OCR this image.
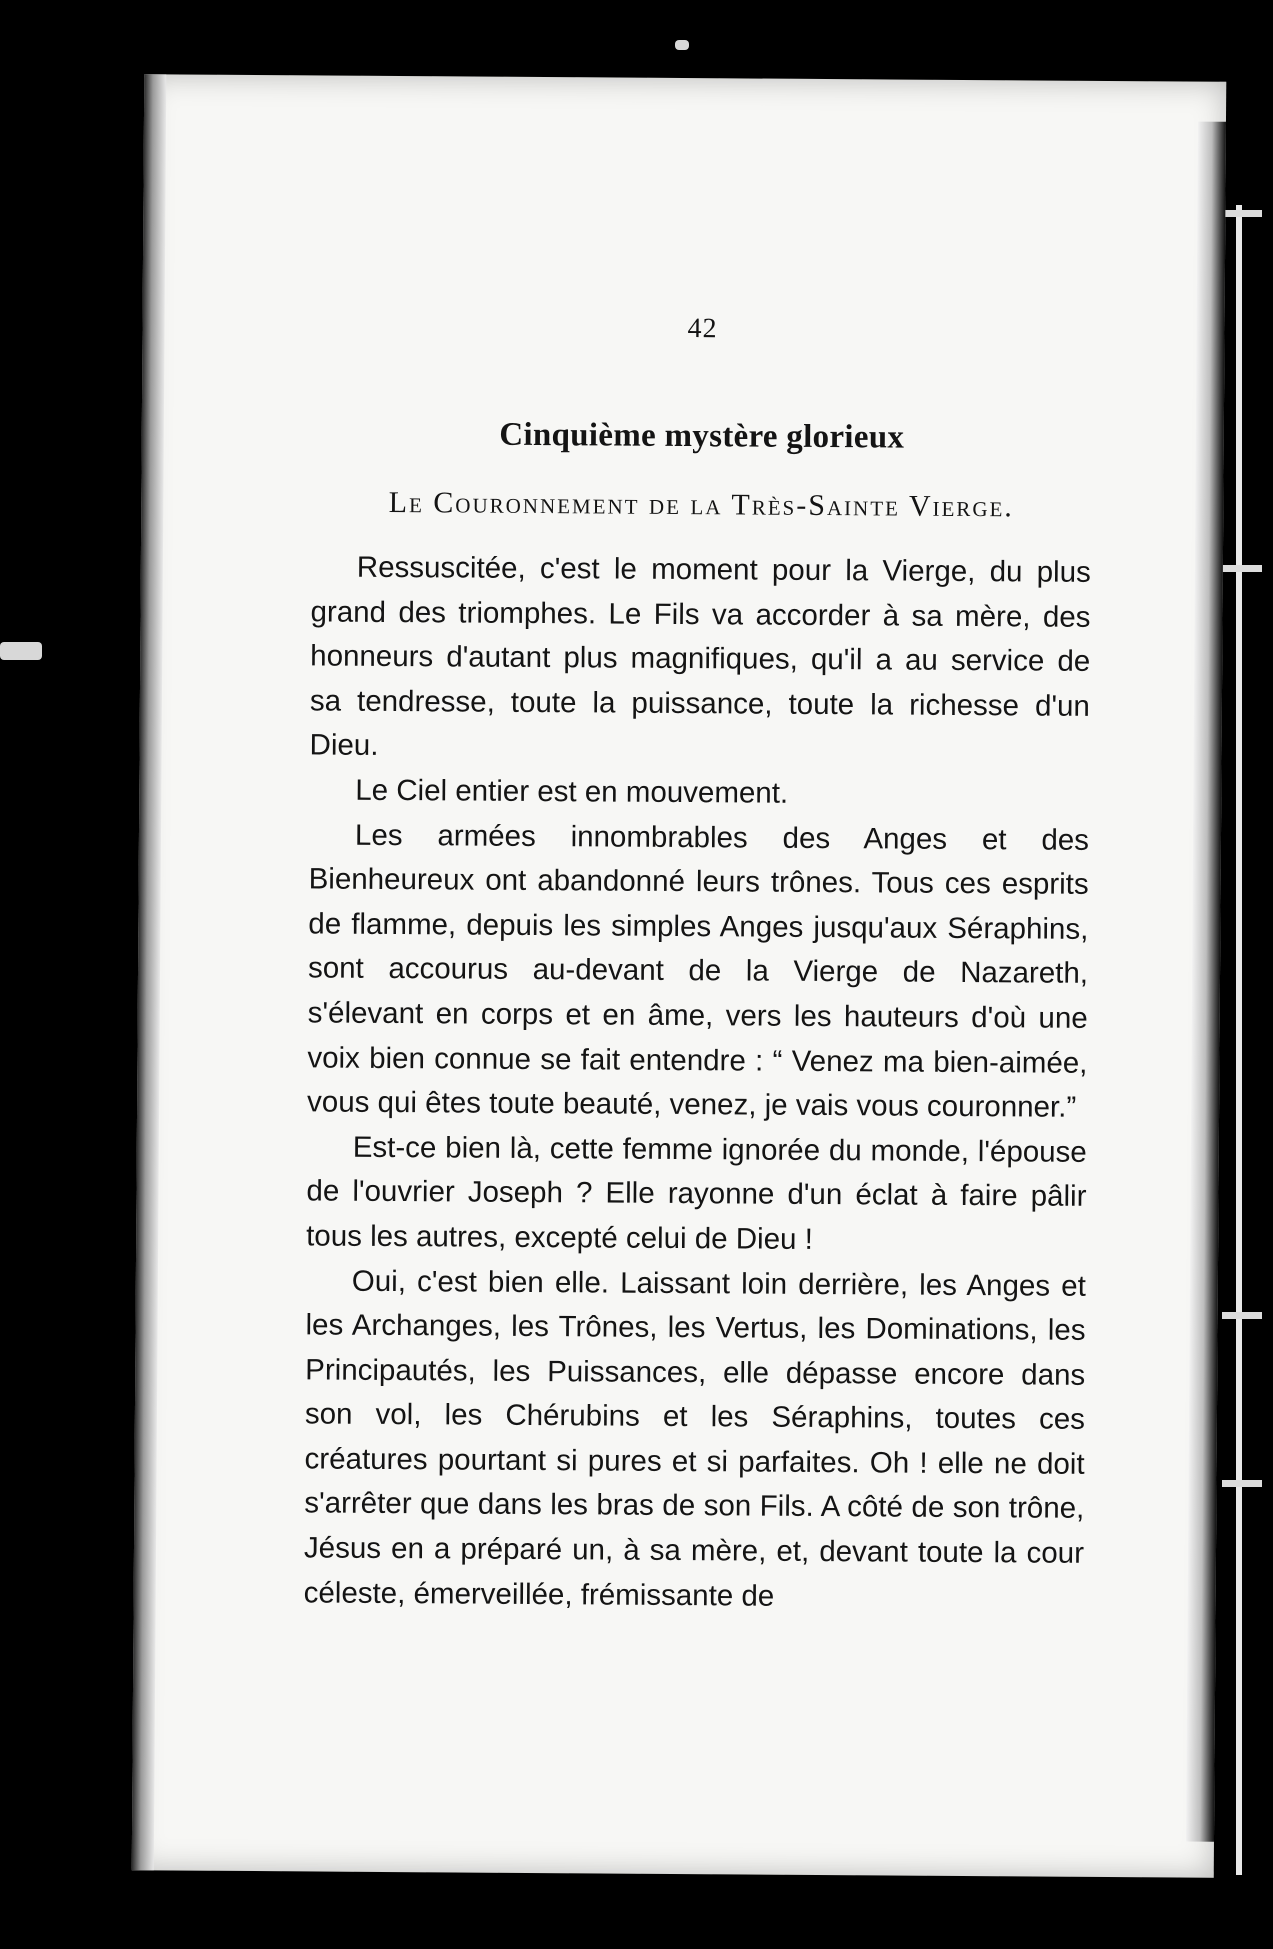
42
Cinquième mystère glorieux
Le Couronnement de la Très-Sainte Vierge.

Ressuscitée, c'est le moment pour la Vierge, du plus grand des triomphes. Le Fils va accorder à sa mère, des honneurs d'autant plus magnifiques, qu'il a au service de sa tendresse, toute la puissance, toute la richesse d'un Dieu.

Le Ciel entier est en mouvement.

Les armées innombrables des Anges et des Bienheureux ont abandonné leurs trônes. Tous ces esprits de flamme, depuis les simples Anges jusqu'aux Séraphins, sont accourus au-devant de la Vierge de Nazareth, s'élevant en corps et en âme, vers les hauteurs d'où une voix bien connue se fait entendre : “ Venez ma bien-aimée, vous qui êtes toute beauté, venez, je vais vous couronner.”

Est-ce bien là, cette femme ignorée du monde, l'épouse de l'ouvrier Joseph ? Elle rayonne d'un éclat à faire pâlir tous les autres, excepté celui de Dieu !

Oui, c'est bien elle. Laissant loin derrière, les Anges et les Archanges, les Trônes, les Vertus, les Dominations, les Principautés, les Puissances, elle dépasse encore dans son vol, les Chérubins et les Séraphins, toutes ces créatures pourtant si pures et si parfaites. Oh ! elle ne doit s'arrêter que dans les bras de son Fils. A côté de son trône, Jésus en a préparé un, à sa mère, et, devant toute la cour céleste, émerveillée, frémissante de
